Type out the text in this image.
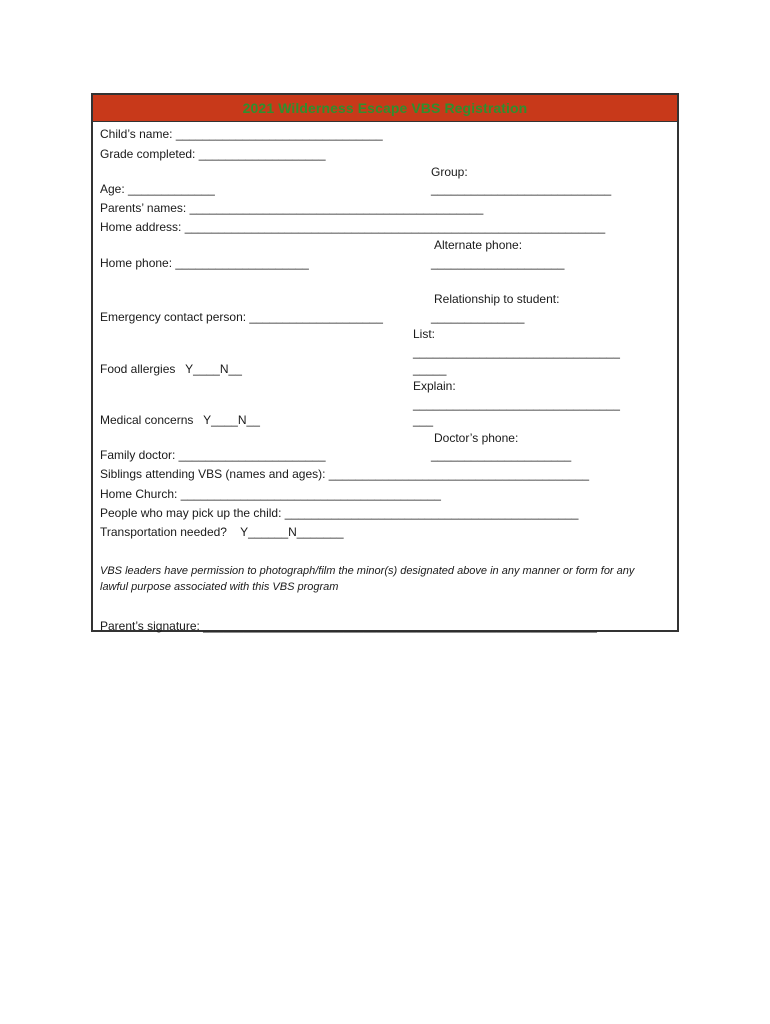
2021 Wilderness Escape VBS Registration
Child’s name: _______________________________
Grade completed: ___________________
Group:
Age: _____________	___________________________
Parents’ names: ____________________________________________
Home address: _______________________________________________________________
Alternate phone:
Home phone: ____________________	____________________
Relationship to student:
Emergency contact person: ____________________	______________
List:
_______________________________
Food allergies   Y____N__	_____
Explain:
_______________________________
Medical concerns   Y____N__	___
Doctor’s phone:
Family doctor: ______________________	_____________________
Siblings attending VBS (names and ages): _______________________________________
Home Church: _______________________________________
People who may pick up the child: ____________________________________________
Transportation needed?    Y______N_______
VBS leaders have permission to photograph/film the minor(s) designated above in any manner or form for any
lawful purpose associated with this VBS program
Parent’s signature: ___________________________________________________________
